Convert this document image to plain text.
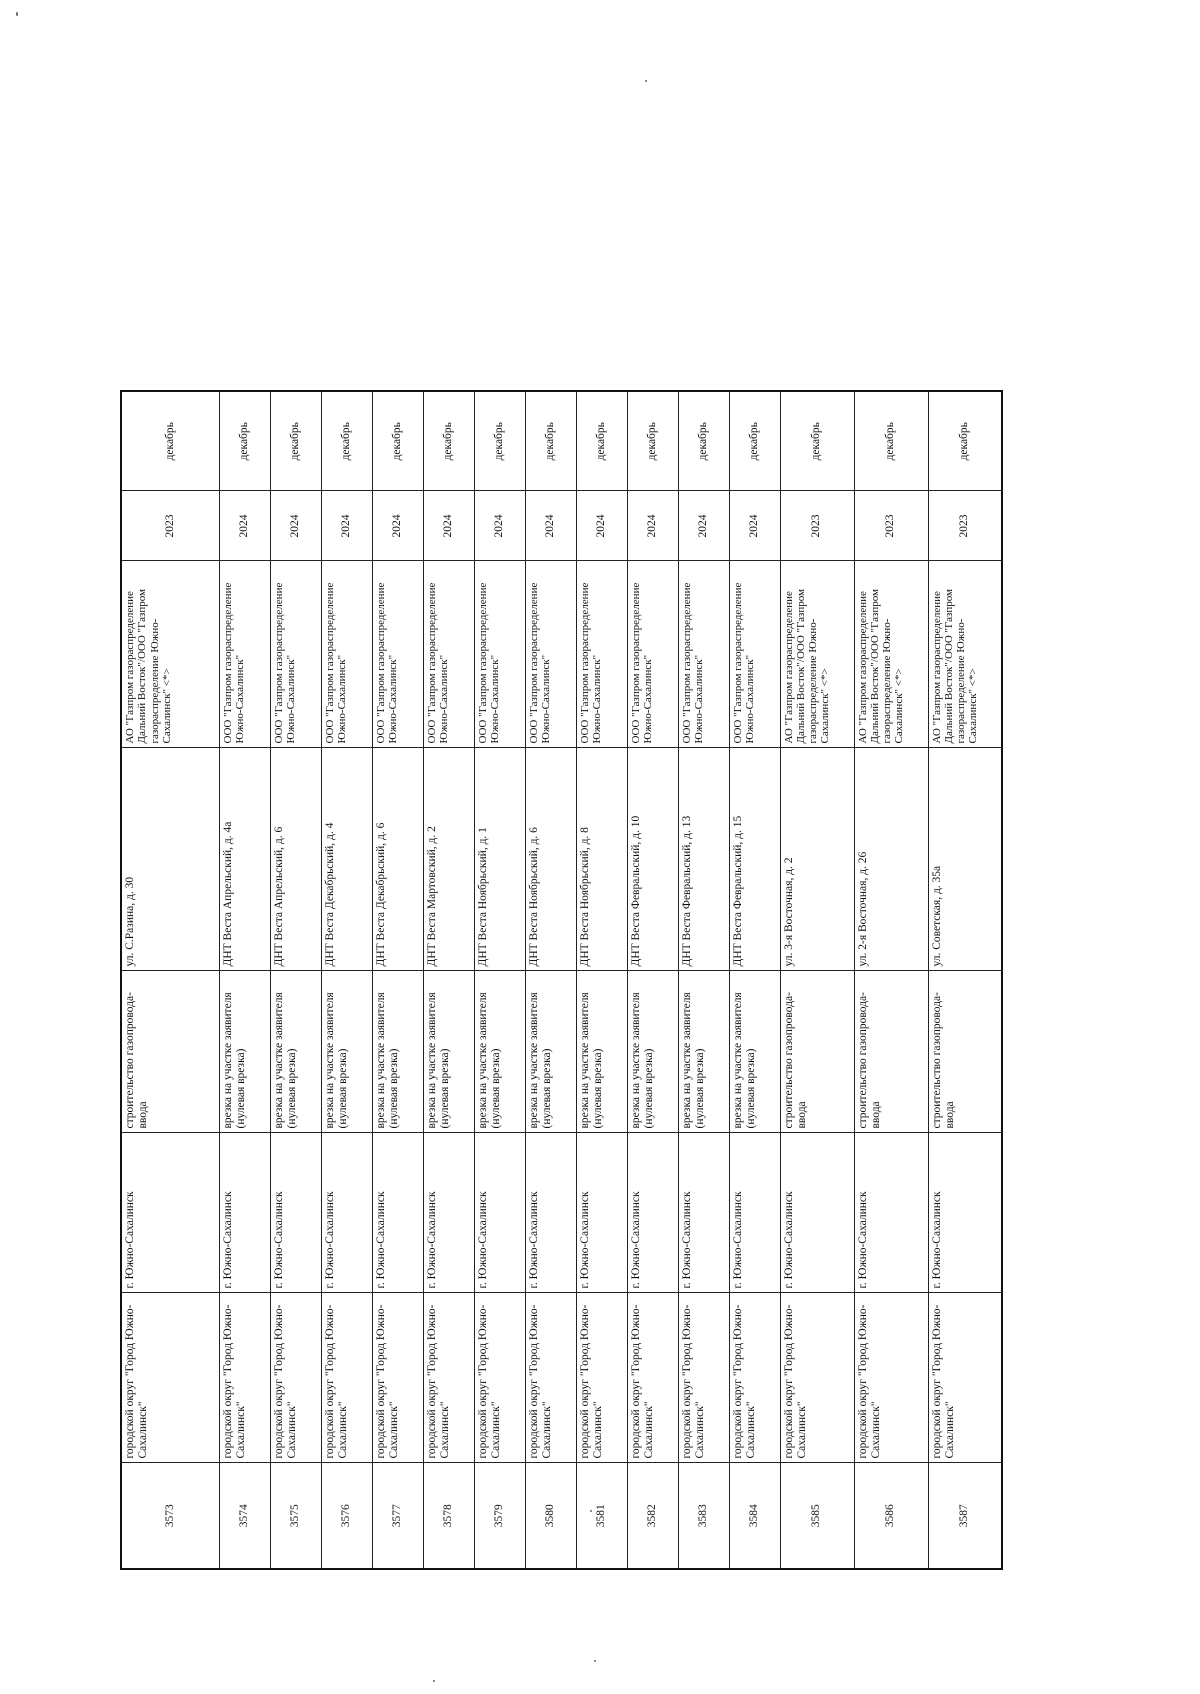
3573	городской округ "Город Южно-Сахалинск"	г. Южно-Сахалинск	строительство газопровода-ввода	ул. С.Разина, д. 30	АО "Газпром газораспределение Дальний Восток"/ООО "Газпром газораспределение Южно-Сахалинск" <*>	2023	декабрь
3574	городской округ "Город Южно-Сахалинск"	г. Южно-Сахалинск	врезка на участке заявителя (нулевая врезка)	ДНТ Веста Апрельский, д. 4а	ООО "Газпром газораспределение Южно-Сахалинск"	2024	декабрь
3575	городской округ "Город Южно-Сахалинск"	г. Южно-Сахалинск	врезка на участке заявителя (нулевая врезка)	ДНТ Веста Апрельский, д. 6	ООО "Газпром газораспределение Южно-Сахалинск"	2024	декабрь
3576	городской округ "Город Южно-Сахалинск"	г. Южно-Сахалинск	врезка на участке заявителя (нулевая врезка)	ДНТ Веста Декабрьский, д. 4	ООО "Газпром газораспределение Южно-Сахалинск"	2024	декабрь
3577	городской округ "Город Южно-Сахалинск"	г. Южно-Сахалинск	врезка на участке заявителя (нулевая врезка)	ДНТ Веста Декабрьский, д. 6	ООО "Газпром газораспределение Южно-Сахалинск"	2024	декабрь
3578	городской округ "Город Южно-Сахалинск"	г. Южно-Сахалинск	врезка на участке заявителя (нулевая врезка)	ДНТ Веста Мартовский, д. 2	ООО "Газпром газораспределение Южно-Сахалинск"	2024	декабрь
3579	городской округ "Город Южно-Сахалинск"	г. Южно-Сахалинск	врезка на участке заявителя (нулевая врезка)	ДНТ Веста Ноябрьский, д. 1	ООО "Газпром газораспределение Южно-Сахалинск"	2024	декабрь
3580	городской округ "Город Южно-Сахалинск"	г. Южно-Сахалинск	врезка на участке заявителя (нулевая врезка)	ДНТ Веста Ноябрьский, д. 6	ООО "Газпром газораспределение Южно-Сахалинск"	2024	декабрь
3581	городской округ "Город Южно-Сахалинск"	г. Южно-Сахалинск	врезка на участке заявителя (нулевая врезка)	ДНТ Веста Ноябрьский, д. 8	ООО "Газпром газораспределение Южно-Сахалинск"	2024	декабрь
3582	городской округ "Город Южно-Сахалинск"	г. Южно-Сахалинск	врезка на участке заявителя (нулевая врезка)	ДНТ Веста Февральский, д. 10	ООО "Газпром газораспределение Южно-Сахалинск"	2024	декабрь
3583	городской округ "Город Южно-Сахалинск"	г. Южно-Сахалинск	врезка на участке заявителя (нулевая врезка)	ДНТ Веста Февральский, д. 13	ООО "Газпром газораспределение Южно-Сахалинск"	2024	декабрь
3584	городской округ "Город Южно-Сахалинск"	г. Южно-Сахалинск	врезка на участке заявителя (нулевая врезка)	ДНТ Веста Февральский, д. 15	ООО "Газпром газораспределение Южно-Сахалинск"	2024	декабрь
3585	городской округ "Город Южно-Сахалинск"	г. Южно-Сахалинск	строительство газопровода-ввода	ул. 3-я Восточная, д. 2	АО "Газпром газораспределение Дальний Восток"/ООО "Газпром газораспределение Южно-Сахалинск" <*>	2023	декабрь
3586	городской округ "Город Южно-Сахалинск"	г. Южно-Сахалинск	строительство газопровода-ввода	ул. 2-я Восточная, д. 26	АО "Газпром газораспределение Дальний Восток"/ООО "Газпром газораспределение Южно-Сахалинск" <*>	2023	декабрь
3587	городской округ "Город Южно-Сахалинск"	г. Южно-Сахалинск	строительство газопровода-ввода	ул. Советская, д. 35а	АО "Газпром газораспределение Дальний Восток"/ООО "Газпром газораспределение Южно-Сахалинск" <*>	2023	декабрь
